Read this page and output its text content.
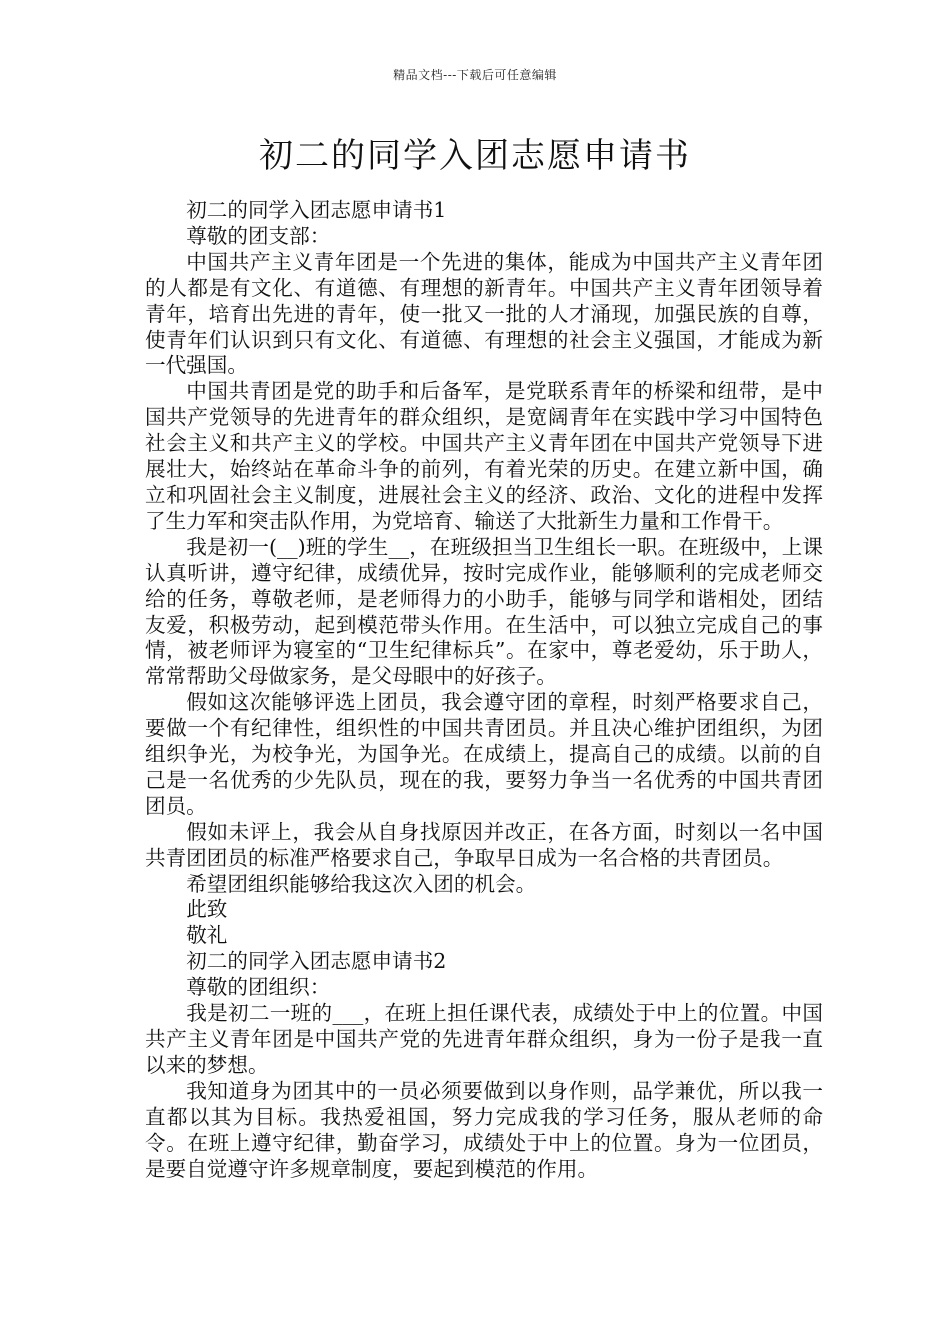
精品文档---下载后可任意编辑
初二的同学入团志愿申请书

初二的同学入团志愿申请书1

尊敬的团支部：

中国共产主义青年团是一个先进的集体，能成为中国共产主义青年团的人都是有文化、有道德、有理想的新青年。中国共产主义青年团领导着青年，培育出先进的青年，使一批又一批的人才涌现，加强民族的自尊，使青年们认识到只有文化、有道德、有理想的社会主义强国，才能成为新一代强国。

中国共青团是党的助手和后备军，是党联系青年的桥梁和纽带，是中国共产党领导的先进青年的群众组织，是宽阔青年在实践中学习中国特色社会主义和共产主义的学校。中国共产主义青年团在中国共产党领导下进展壮大，始终站在革命斗争的前列，有着光荣的历史。在建立新中国，确立和巩固社会主义制度，进展社会主义的经济、政治、文化的进程中发挥了生力军和突击队作用，为党培育、输送了大批新生力量和工作骨干。

我是初一(__)班的学生__，在班级担当卫生组长一职。在班级中，上课认真听讲，遵守纪律，成绩优异，按时完成作业，能够顺利的完成老师交给的任务，尊敬老师，是老师得力的小助手，能够与同学和谐相处，团结友爱，积极劳动，起到模范带头作用。在生活中，可以独立完成自己的事情，被老师评为寝室的“卫生纪律标兵”。在家中，尊老爱幼，乐于助人，常常帮助父母做家务，是父母眼中的好孩子。

假如这次能够评选上团员，我会遵守团的章程，时刻严格要求自己，要做一个有纪律性，组织性的中国共青团员。并且决心维护团组织，为团组织争光，为校争光，为国争光。在成绩上，提高自己的成绩。以前的自己是一名优秀的少先队员，现在的我，要努力争当一名优秀的中国共青团团员。

假如未评上，我会从自身找原因并改正，在各方面，时刻以一名中国共青团团员的标准严格要求自己，争取早日成为一名合格的共青团员。

希望团组织能够给我这次入团的机会。

此致

敬礼

初二的同学入团志愿申请书2

尊敬的团组织：

我是初二一班的___，在班上担任课代表，成绩处于中上的位置。中国共产主义青年团是中国共产党的先进青年群众组织，身为一份子是我一直以来的梦想。

我知道身为团其中的一员必须要做到以身作则，品学兼优，所以我一直都以其为目标。我热爱祖国，努力完成我的学习任务，服从老师的命令。在班上遵守纪律，勤奋学习，成绩处于中上的位置。身为一位团员，是要自觉遵守许多规章制度，要起到模范的作用。
